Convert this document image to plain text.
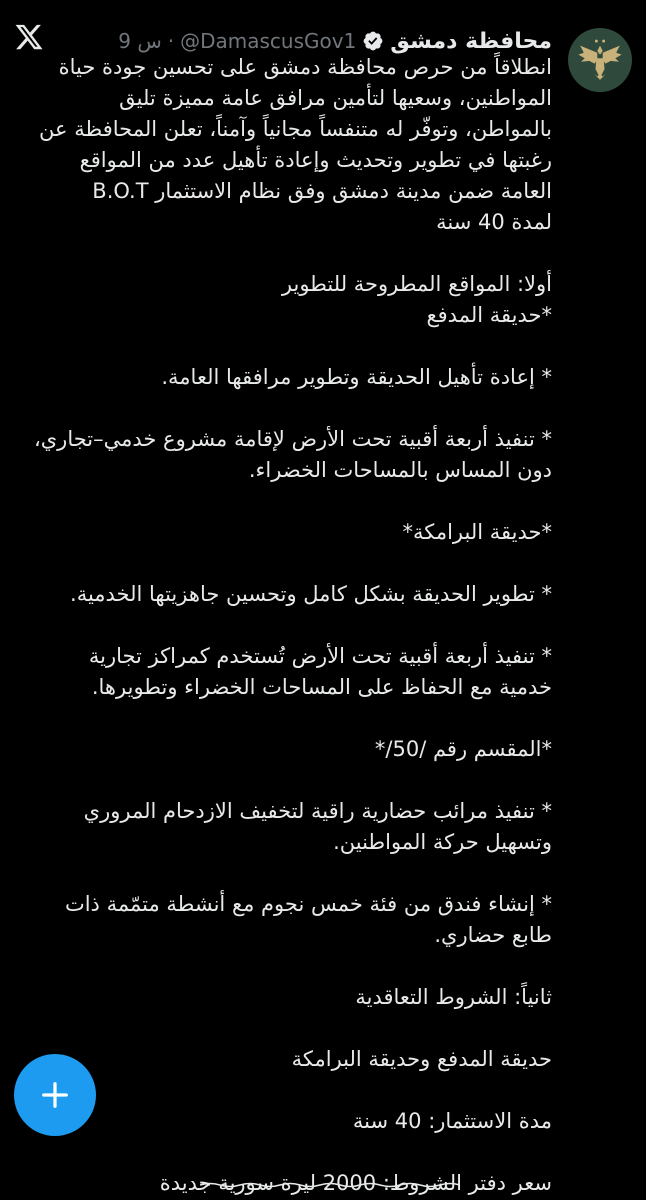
محافظة دمشق
@DamascusGov1
·
9 س

انطلاقاً من حرص محافظة دمشق على تحسين جودة حياة المواطنين، وسعيها لتأمين مرافق عامة مميزة تليق بالمواطن، وتوفّر له متنفساً مجانياً وآمناً، تعلن المحافظة عن رغبتها في تطوير وتحديث وإعادة تأهيل عدد من المواقع العامة ضمن مدينة دمشق وفق نظام الاستثمار B.O.T

لمدة 40 سنة

أولا: المواقع المطروحة للتطوير

*حديقة المدفع

* إعادة تأهيل الحديقة وتطوير مرافقها العامة.

* تنفيذ أربعة أقبية تحت الأرض لإقامة مشروع خدمي–تجاري، دون المساس بالمساحات الخضراء.

*حديقة البرامكة*

* تطوير الحديقة بشكل كامل وتحسين جاهزيتها الخدمية.

* تنفيذ أربعة أقبية تحت الأرض تُستخدم كمراكز تجارية خدمية مع الحفاظ على المساحات الخضراء وتطويرها.

*المقسم رقم /50/*

* تنفيذ مرائب حضارية راقية لتخفيف الازدحام المروري وتسهيل حركة المواطنين.

* إنشاء فندق من فئة خمس نجوم مع أنشطة متمّمة ذات طابع حضاري.

ثانياً: الشروط التعاقدية

حديقة المدفع وحديقة البرامكة

مدة الاستثمار: 40 سنة

سعر دفتر الشروط: 2000 ليرة سورية جديدة
